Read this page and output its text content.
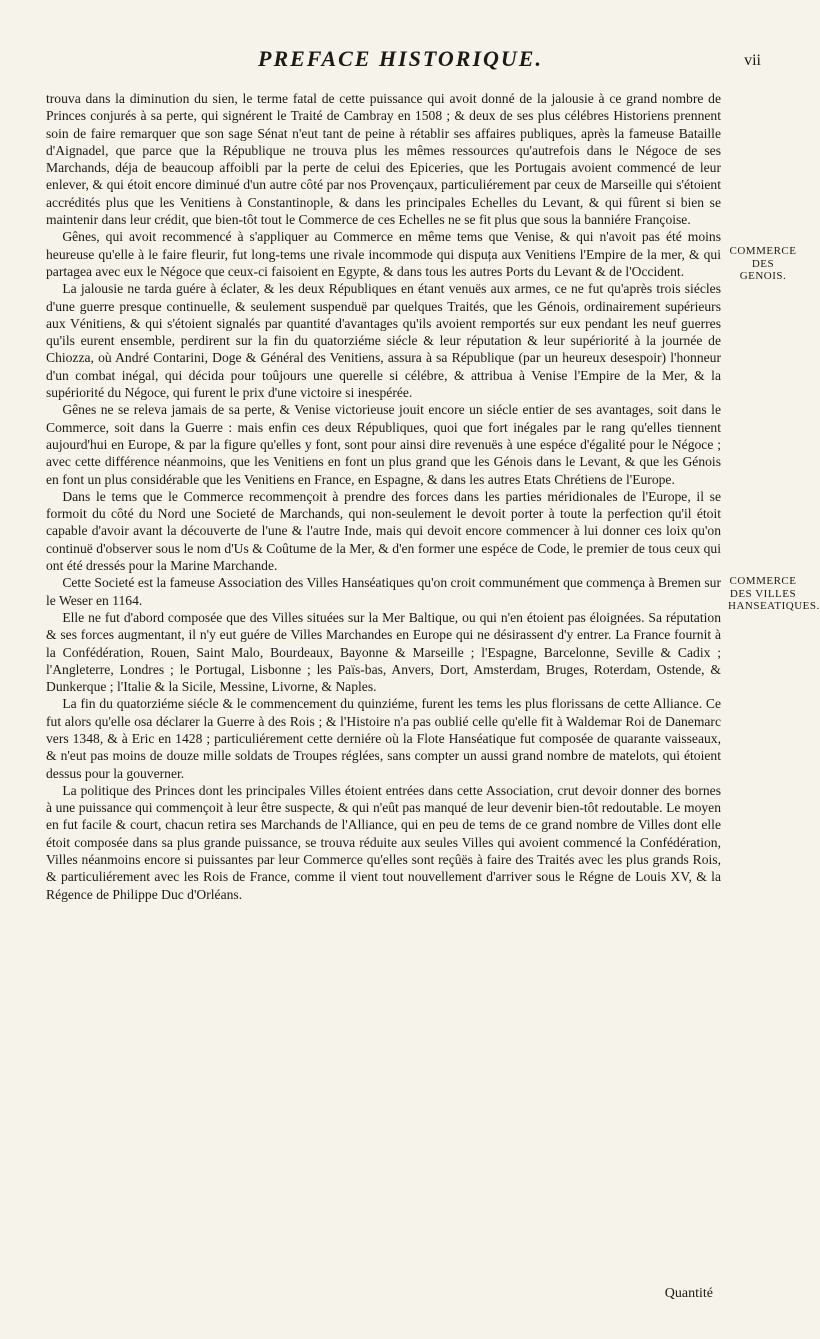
PREFACE HISTORIQUE.	vii

trouva dans la diminution du sien, le terme fatal de cette puissance qui avoit donné de la jalousie à ce grand nombre de Princes conjurés à sa perte, qui signérent le Traité de Cambray en 1508 ; & deux de ses plus célébres Historiens prennent soin de faire remarquer que son sage Sénat n'eut tant de peine à rétablir ses affaires publiques, après la fameuse Bataille d'Aignadel, que parce que la République ne trouva plus les mêmes ressources qu'autrefois dans le Négoce de ses Marchands, déja de beaucoup affoibli par la perte de celui des Epiceries, que les Portugais avoient commencé de leur enlever, & qui étoit encore diminué d'un autre côté par nos Provençaux, particuliérement par ceux de Marseille qui s'étoient accrédités plus que les Venitiens à Constantinople, & dans les principales Echelles du Levant, & qui fûrent si bien se maintenir dans leur crédit, que bien-tôt tout le Commerce de ces Echelles ne se fit plus que sous la banniére Françoise.

Gênes, qui avoit recommencé à s'appliquer au Commerce en même tems que Venise, & qui n'avoit pas été moins heureuse qu'elle à le faire fleurir, fut long-tems une rivale incommode qui dispuța aux Venitiens l'Empire de la mer, & qui partagea avec eux le Négoce que ceux-ci faisoient en Egypte, & dans tous les autres Ports du Levant & de l'Occident.

La jalousie ne tarda guére à éclater, & les deux Républiques en étant venuës aux armes, ce ne fut qu'après trois siécles d'une guerre presque continuelle, & seulement suspenduë par quelques Traités, que les Génois, ordinairement supérieurs aux Vénitiens, & qui s'étoient signalés par quantité d'avantages qu'ils avoient remportés sur eux pendant les neuf guerres qu'ils eurent ensemble, perdirent sur la fin du quatorziéme siécle & leur réputation & leur supériorité à la journée de Chiozza, où André Contarini, Doge & Général des Venitiens, assura à sa République (par un heureux desespoir) l'honneur d'un combat inégal, qui décida pour toûjours une querelle si célébre, & attribua à Venise l'Empire de la Mer, & la supériorité du Négoce, qui furent le prix d'une victoire si inespérée.

Gênes ne se releva jamais de sa perte, & Venise victorieuse jouit encore un siécle entier de ses avantages, soit dans le Commerce, soit dans la Guerre : mais enfin ces deux Républiques, quoi que fort inégales par le rang qu'elles tiennent aujourd'hui en Europe, & par la figure qu'elles y font, sont pour ainsi dire revenuës à une espéce d'égalité pour le Négoce ; avec cette différence néanmoins, que les Venitiens en font un plus grand que les Génois dans le Levant, & que les Génois en font un plus considérable que les Venitiens en France, en Espagne, & dans les autres Etats Chrétiens de l'Europe.

Dans le tems que le Commerce recommençoit à prendre des forces dans les parties méridionales de l'Europe, il se formoit du côté du Nord une Societé de Marchands, qui non-seulement le devoit porter à toute la perfection qu'il étoit capable d'avoir avant la découverte de l'une & l'autre Inde, mais qui devoit encore commencer à lui donner ces loix qu'on continuë d'observer sous le nom d'Us & Coûtume de la Mer, & d'en former une espéce de Code, le premier de tous ceux qui ont été dressés pour la Marine Marchande.

Cette Societé est la fameuse Association des Villes Hanséatiques qu'on croit communément que commença à Bremen sur le Weser en 1164.

Elle ne fut d'abord composée que des Villes situées sur la Mer Baltique, ou qui n'en étoient pas éloignées. Sa réputation & ses forces augmentant, il n'y eut guére de Villes Marchandes en Europe qui ne désirassent d'y entrer. La France fournit à la Confédération, Rouen, Saint Malo, Bourdeaux, Bayonne & Marseille ; l'Espagne, Barcelonne, Seville & Cadix ; l'Angleterre, Londres ; le Portugal, Lisbonne ; les Païs-bas, Anvers, Dort, Amsterdam, Bruges, Roterdam, Ostende, & Dunkerque ; l'Italie & la Sicile, Messine, Livorne, & Naples.

La fin du quatorziéme siécle & le commencement du quinziéme, furent les tems les plus florissans de cette Alliance. Ce fut alors qu'elle osa déclarer la Guerre à des Rois ; & l'Histoire n'a pas oublié celle qu'elle fit à Waldemar Roi de Danemarc vers 1348, & à Eric en 1428 ; particuliérement cette derniére où la Flote Hanséatique fut composée de quarante vaisseaux, & n'eut pas moins de douze mille soldats de Troupes réglées, sans compter un aussi grand nombre de matelots, qui étoient dessus pour la gouverner.

La politique des Princes dont les principales Villes étoient entrées dans cette Association, crut devoir donner des bornes à une puissance qui commençoit à leur être suspecte, & qui n'eût pas manqué de leur devenir bien-tôt redoutable. Le moyen en fut facile & court, chacun retira ses Marchands de l'Alliance, qui en peu de tems de ce grand nombre de Villes dont elle étoit composée dans sa plus grande puissance, se trouva réduite aux seules Villes qui avoient commencé la Confédération, Villes néanmoins encore si puissantes par leur Commerce qu'elles sont reçûës à faire des Traités avec les plus grands Rois, & particuliérement avec les Rois de France, comme il vient tout nouvellement d'arriver sous le Régne de Louis XV, & la Régence de Philippe Duc d'Orléans.

COMMERCE DES GENOIS.
COMMERCE DES VILLES HANSEATIQUES.
Quantité
